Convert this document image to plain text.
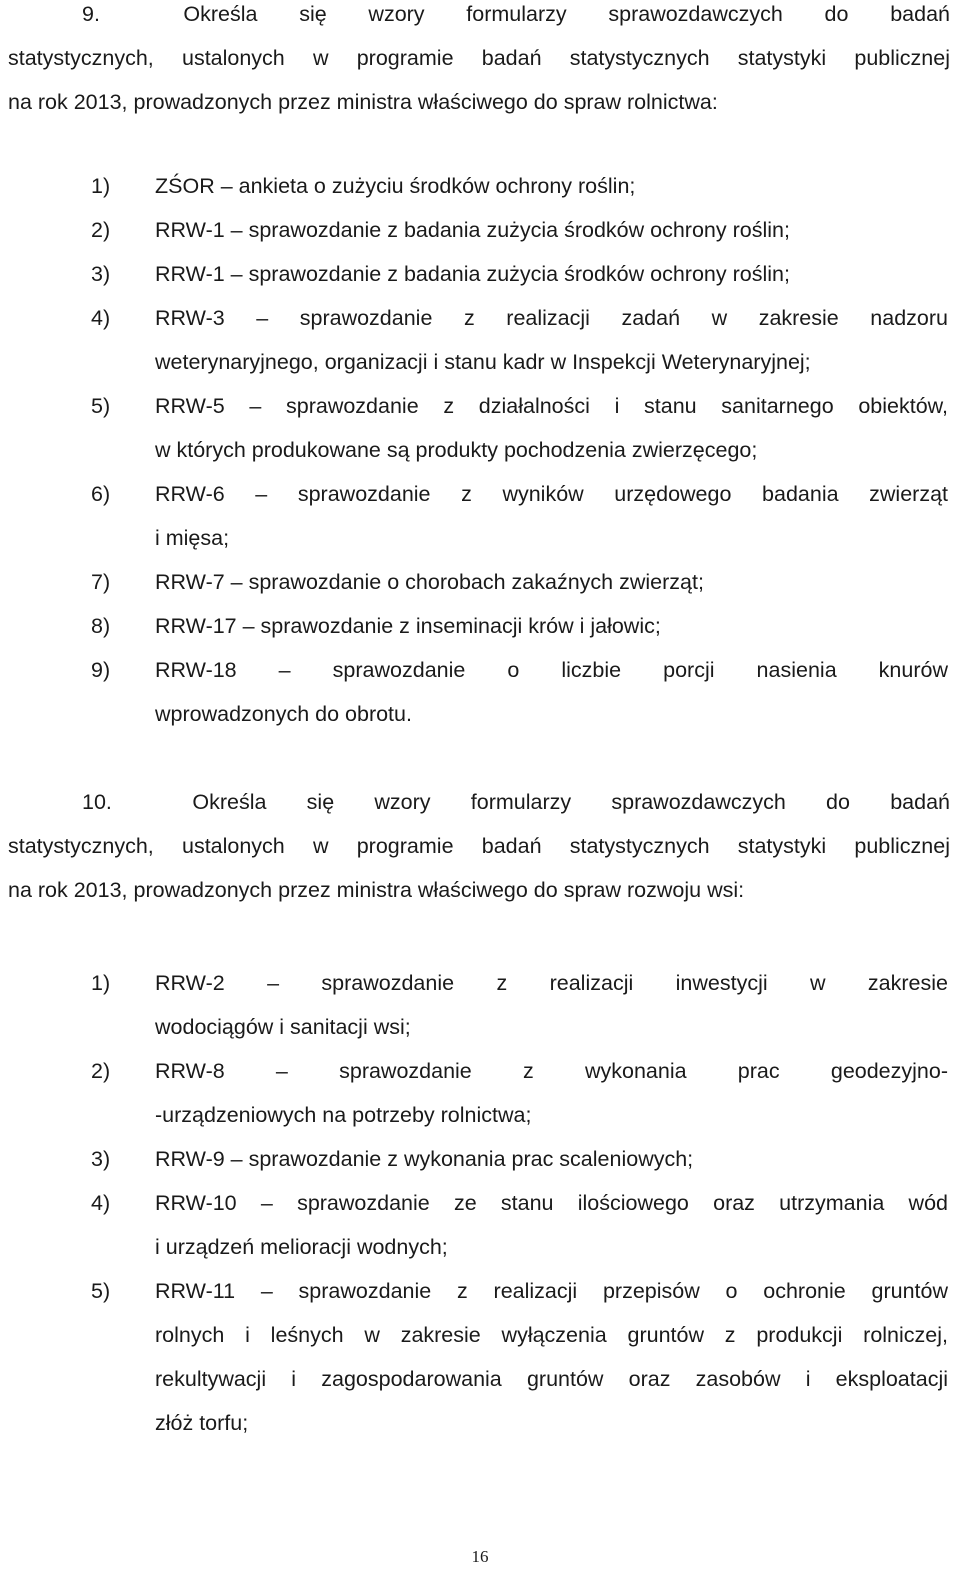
9.  Określa się wzory formularzy sprawozdawczych do badań
statystycznych, ustalonych w programie badań statystycznych statystyki publicznej
na rok 2013, prowadzonych przez ministra właściwego do spraw rolnictwa:
1)	ZŚOR – ankieta o zużyciu środków ochrony roślin;
2)	RRW-1 – sprawozdanie z badania zużycia środków ochrony roślin;
3)	RRW-1 – sprawozdanie z badania zużycia środków ochrony roślin;
4)	RRW-3 – sprawozdanie z realizacji zadań w zakresie nadzoru
weterynaryjnego, organizacji i stanu kadr w Inspekcji Weterynaryjnej;
5)	RRW-5 – sprawozdanie z działalności i stanu sanitarnego obiektów,
w których produkowane są produkty pochodzenia zwierzęcego;
6)	RRW-6 – sprawozdanie z wyników urzędowego badania zwierząt
i mięsa;
7)	RRW-7 – sprawozdanie o chorobach zakaźnych zwierząt;
8)	RRW-17 – sprawozdanie z inseminacji krów i jałowic;
9)	RRW-18 – sprawozdanie o liczbie porcji nasienia knurów
wprowadzonych do obrotu.
10.  Określa się wzory formularzy sprawozdawczych do badań
statystycznych, ustalonych w programie badań statystycznych statystyki publicznej
na rok 2013, prowadzonych przez ministra właściwego do spraw rozwoju wsi:
1)	RRW-2 – sprawozdanie z realizacji inwestycji w zakresie
wodociągów i sanitacji wsi;
2)	RRW-8 – sprawozdanie z wykonania prac geodezyjno-
-urządzeniowych na potrzeby rolnictwa;
3)	RRW-9 – sprawozdanie z wykonania prac scaleniowych;
4)	RRW-10 – sprawozdanie ze stanu ilościowego oraz utrzymania wód
i urządzeń melioracji wodnych;
5)	RRW-11 – sprawozdanie z realizacji przepisów o ochronie gruntów
rolnych i leśnych w zakresie wyłączenia gruntów z produkcji rolniczej,
rekultywacji i zagospodarowania gruntów oraz zasobów i eksploatacji
złóż torfu;
16
